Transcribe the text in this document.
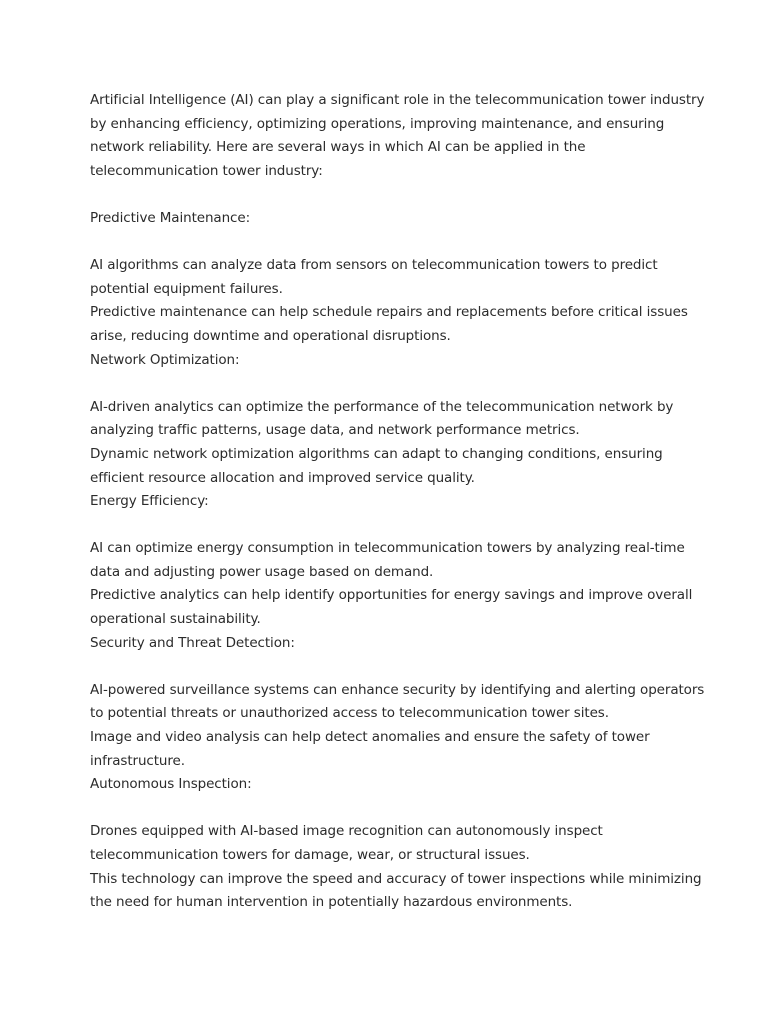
Artificial Intelligence (AI) can play a significant role in the telecommunication tower industry
by enhancing efficiency, optimizing operations, improving maintenance, and ensuring
network reliability. Here are several ways in which AI can be applied in the
telecommunication tower industry:
Predictive Maintenance:
AI algorithms can analyze data from sensors on telecommunication towers to predict
potential equipment failures.
Predictive maintenance can help schedule repairs and replacements before critical issues
arise, reducing downtime and operational disruptions.
Network Optimization:
AI-driven analytics can optimize the performance of the telecommunication network by
analyzing traffic patterns, usage data, and network performance metrics.
Dynamic network optimization algorithms can adapt to changing conditions, ensuring
efficient resource allocation and improved service quality.
Energy Efficiency:
AI can optimize energy consumption in telecommunication towers by analyzing real-time
data and adjusting power usage based on demand.
Predictive analytics can help identify opportunities for energy savings and improve overall
operational sustainability.
Security and Threat Detection:
AI-powered surveillance systems can enhance security by identifying and alerting operators
to potential threats or unauthorized access to telecommunication tower sites.
Image and video analysis can help detect anomalies and ensure the safety of tower
infrastructure.
Autonomous Inspection:
Drones equipped with AI-based image recognition can autonomously inspect
telecommunication towers for damage, wear, or structural issues.
This technology can improve the speed and accuracy of tower inspections while minimizing
the need for human intervention in potentially hazardous environments.
